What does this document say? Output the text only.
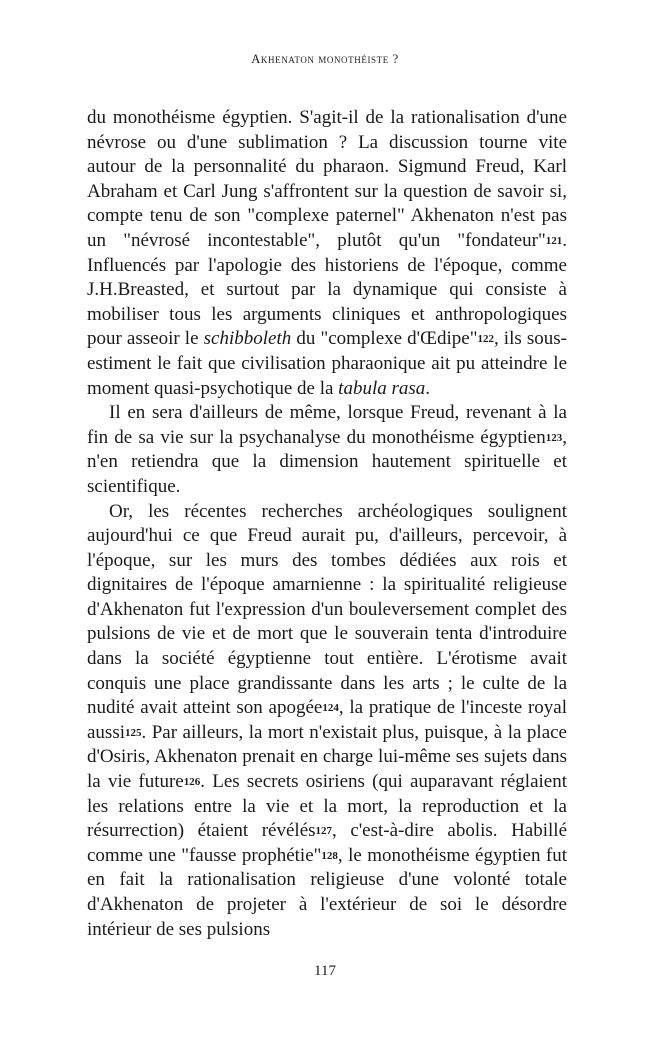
Akhenaton monothéiste ?

du monothéisme égyptien. S'agit-il de la rationalisation d'une névrose ou d'une sublimation ? La discussion tourne vite autour de la personnalité du pharaon. Sigmund Freud, Karl Abraham et Carl Jung s'affrontent sur la question de savoir si, compte tenu de son "complexe paternel" Akhenaton n'est pas un "névrosé incontestable", plutôt qu'un "fondateur"121. Influencés par l'apologie des historiens de l'époque, comme J.H.Breasted, et surtout par la dynamique qui consiste à mobiliser tous les arguments cliniques et anthropologiques pour asseoir le schibboleth du "complexe d'Œdipe"122, ils sous-estiment le fait que civilisation pharaonique ait pu atteindre le moment quasi-psychotique de la tabula rasa.

Il en sera d'ailleurs de même, lorsque Freud, revenant à la fin de sa vie sur la psychanalyse du monothéisme égyptien123, n'en retiendra que la dimension hautement spirituelle et scientifique.

Or, les récentes recherches archéologiques soulignent aujourd'hui ce que Freud aurait pu, d'ailleurs, percevoir, à l'époque, sur les murs des tombes dédiées aux rois et dignitaires de l'époque amarnienne : la spiritualité religieuse d'Akhenaton fut l'expression d'un bouleversement complet des pulsions de vie et de mort que le souverain tenta d'introduire dans la société égyptienne tout entière. L'érotisme avait conquis une place grandissante dans les arts ; le culte de la nudité avait atteint son apogée124, la pratique de l'inceste royal aussi125. Par ailleurs, la mort n'existait plus, puisque, à la place d'Osiris, Akhenaton prenait en charge lui-même ses sujets dans la vie future126. Les secrets osiriens (qui auparavant réglaient les relations entre la vie et la mort, la reproduction et la résurrection) étaient révélés127, c'est-à-dire abolis. Habillé comme une "fausse prophétie"128, le monothéisme égyptien fut en fait la rationalisation religieuse d'une volonté totale d'Akhenaton de projeter à l'extérieur de soi le désordre intérieur de ses pulsions

117
